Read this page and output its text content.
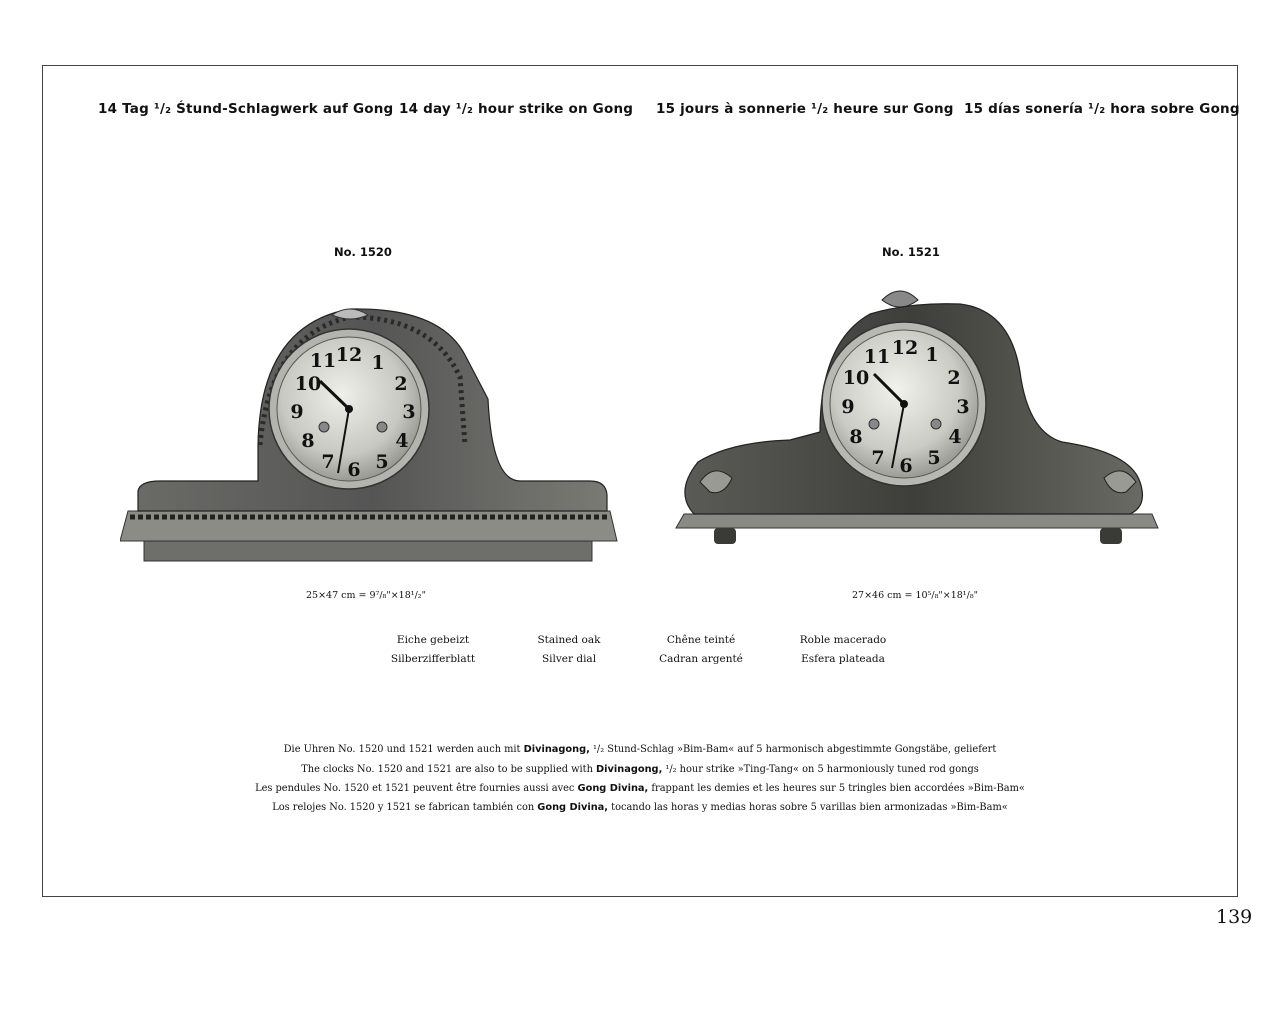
14 Tag ¹/₂ Śtund-Schlagwerk auf Gong 14 day ¹/₂ hour strike on Gong 15 jours à sonnerie ¹/₂ heure sur Gong 15 días sonería ¹/₂ hora sobre Gong
No. 1520	No. 1521
12 1
2
3
4
5
6
7
8
9
10
11
12 1
2
3
4
5
6
7
8
9
10
11
25×47 cm = 9⁷/₈"×18¹/₂"	27×46 cm = 10⁵/₈"×18¹/₈"
Eiche gebeizt
Silberzifferblatt
Stained oak
Silver dial
Chêne teinté
Cadran argenté
Roble macerado
Esfera plateada
Die Uhren No. 1520 und 1521 werden auch mit Divinagong, ¹/₂ Stund-Schlag »Bim-Bam« auf 5 harmonisch abgestimmte Gongstäbe, geliefert
The clocks No. 1520 and 1521 are also to be supplied with Divinagong, ¹/₂ hour strike »Ting-Tang« on 5 harmoniously tuned rod gongs
Les pendules No. 1520 et 1521 peuvent être fournies aussi avec Gong Divina, frappant les demies et les heures sur 5 tringles bien accordées »Bim-Bam«
Los relojes No. 1520 y 1521 se fabrican también con Gong Divina, tocando las horas y medias horas sobre 5 varillas bien armonizadas »Bim-Bam«
139
